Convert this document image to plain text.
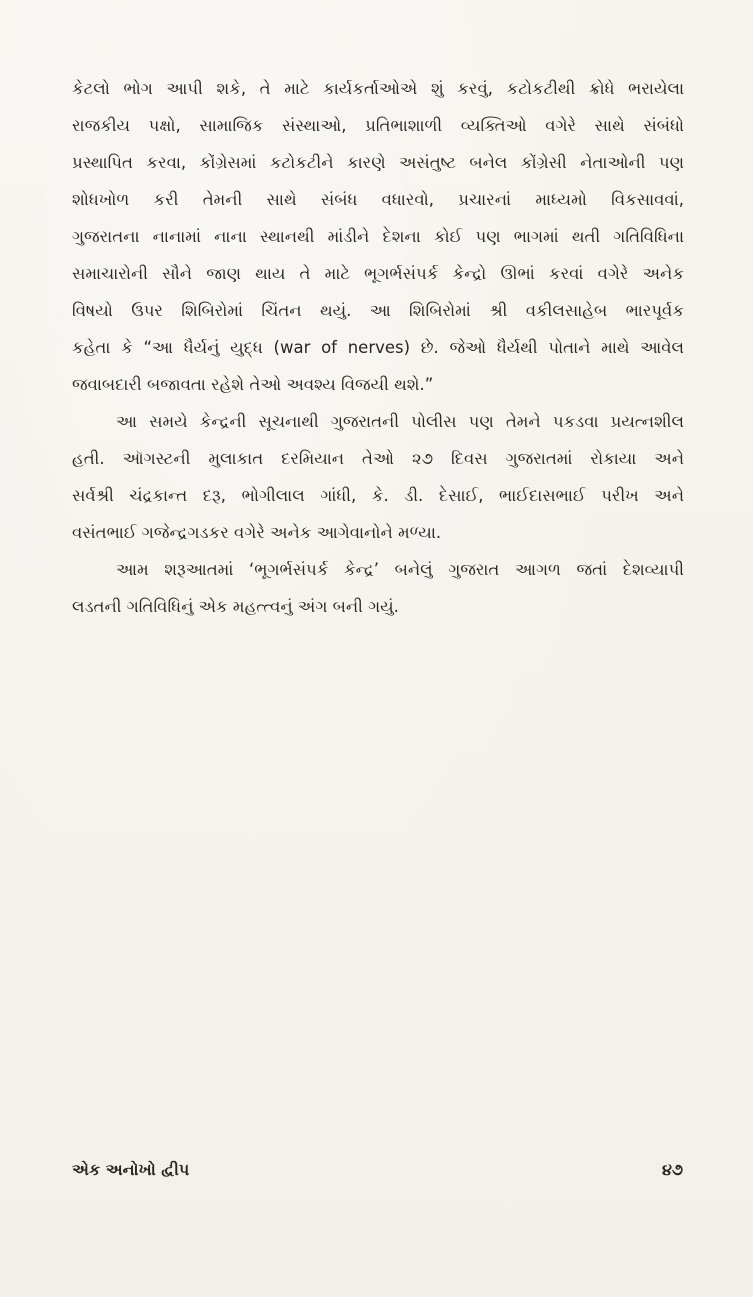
કેટલો ભોગ આપી શકે, તે માટે કાર્યકર્તાઓએ શું કરવું, કટોકટીથી ક્રોધે ભરાયેલા
રાજકીય પક્ષો, સામાજિક સંસ્થાઓ, પ્રતિભાશાળી વ્યક્તિઓ વગેરે સાથે સંબંધો
પ્રસ્થાપિત કરવા, કોંગ્રેસમાં કટોકટીને કારણે અસંતુષ્ટ બનેલ કોંગ્રેસી નેતાઓની પણ
શોધખોળ કરી તેમની સાથે સંબંધ વધારવો, પ્રચારનાં માધ્યમો વિકસાવવાં,
ગુજરાતના નાનામાં નાના સ્થાનથી માંડીને દેશના કોઈ પણ ભાગમાં થતી ગતિવિધિના
સમાચારોની સૌને જાણ થાય તે માટે ભૂગર્ભસંપર્ક કેન્દ્રો ઊભાં કરવાં વગેરે અનેક
વિષયો ઉપર શિબિરોમાં ચિંતન થયું. આ શિબિરોમાં શ્રી વકીલસાહેબ ભારપૂર્વક
કહેતા કે “આ ધૈર્યનું યુદ્ધ (war of nerves) છે. જેઓ ધૈર્યથી પોતાને માથે આવેલ
જવાબદારી બજાવતા રહેશે તેઓ અવશ્ય વિજયી થશે.”
આ સમયે કેન્દ્રની સૂચનાથી ગુજરાતની પોલીસ પણ તેમને પકડવા પ્રયત્નશીલ
હતી. ઑગસ્ટની મુલાકાત દરમિયાન તેઓ ૨૭ દિવસ ગુજરાતમાં રોકાયા અને
સર્વશ્રી ચંદ્રકાન્ત દરૂ, ભોગીલાલ ગાંધી, કે. ડી. દેસાઈ, ભાઈદાસભાઈ પરીખ અને
વસંતભાઈ ગજેન્દ્રગડકર વગેરે અનેક આગેવાનોને મળ્યા.
આમ શરૂઆતમાં ‘ભૂગર્ભસંપર્ક કેન્દ્ર’ બનેલું ગુજરાત આગળ જતાં દેશવ્યાપી
લડતની ગતિવિધિનું એક મહત્ત્વનું અંગ બની ગયું.
એક અનોખો દ્વીપ	૪૭
